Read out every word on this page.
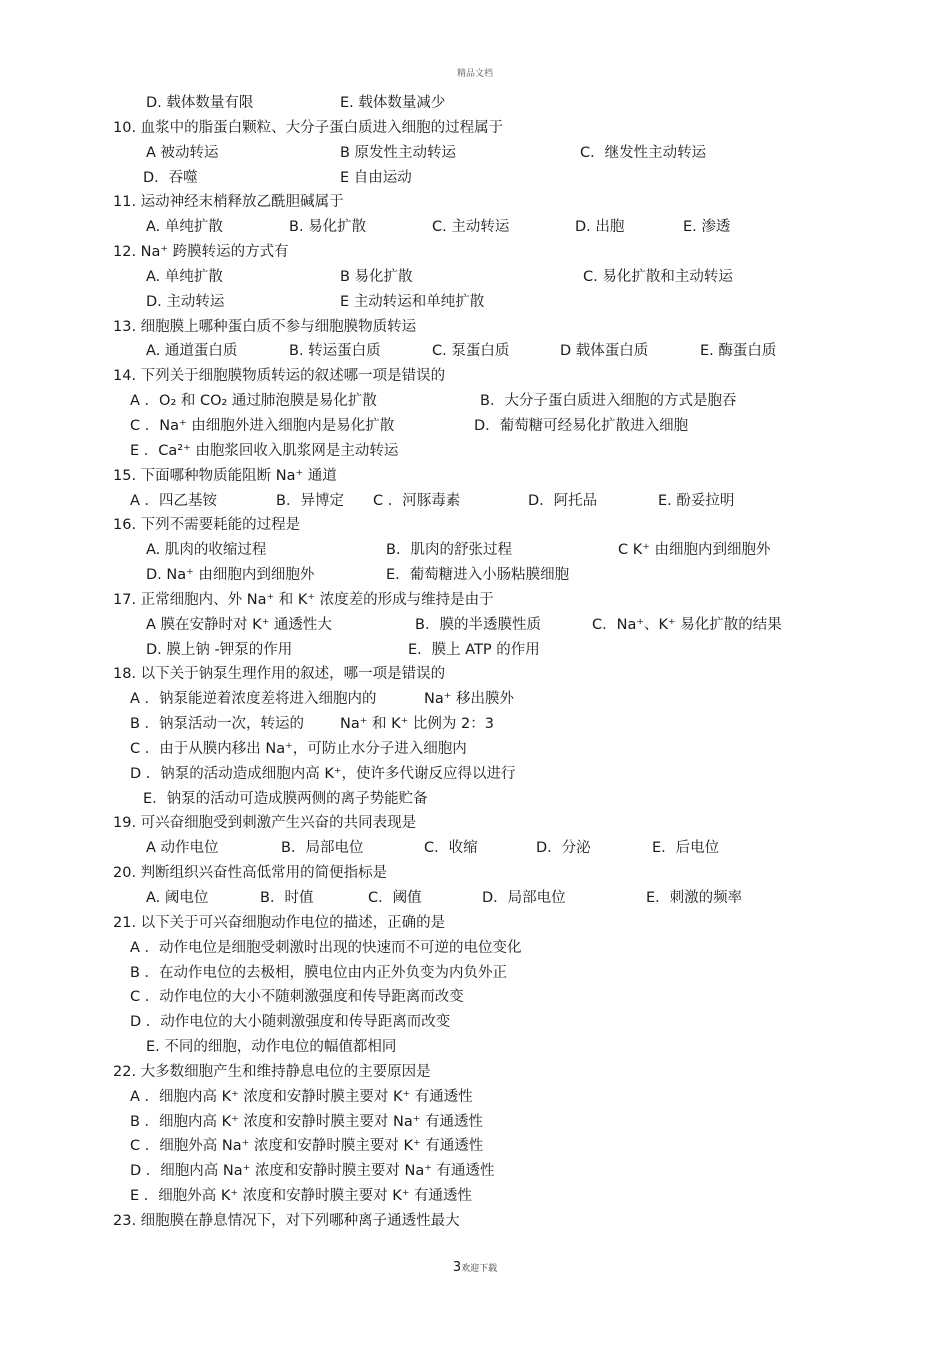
精品文档
D. 载体数量有限	E. 载体数量减少
10. 血浆中的脂蛋白颗粒、大分子蛋白质进入细胞的过程属于
A 被动转运	B 原发性主动转运	C．继发性主动转运
D．吞噬	E 自由运动
11. 运动神经末梢释放乙酰胆碱属于
A. 单纯扩散	B. 易化扩散	C. 主动转运	D. 出胞	E. 渗透
12. Na⁺ 跨膜转运的方式有
A. 单纯扩散	B 易化扩散	C. 易化扩散和主动转运
D. 主动转运	E 主动转运和单纯扩散
13. 细胞膜上哪种蛋白质不参与细胞膜物质转运
A. 通道蛋白质	B. 转运蛋白质	C. 泵蛋白质	D 载体蛋白质	E. 酶蛋白质
14. 下列关于细胞膜物质转运的叙述哪一项是错误的
A ．O₂ 和 CO₂ 通过肺泡膜是易化扩散	B．大分子蛋白质进入细胞的方式是胞吞
C ．Na⁺ 由细胞外进入细胞内是易化扩散	D．葡萄糖可经易化扩散进入细胞
E ．Ca²⁺ 由胞浆回收入肌浆网是主动转运
15. 下面哪种物质能阻断 Na⁺ 通道
A ．四乙基铵	B．异博定 C ．河豚毒素	D．阿托品	E. 酚妥拉明
16. 下列不需要耗能的过程是
A. 肌肉的收缩过程	B．肌肉的舒张过程	C K⁺ 由细胞内到细胞外
D. Na⁺ 由细胞内到细胞外	E．葡萄糖进入小肠粘膜细胞
17. 正常细胞内、外 Na⁺ 和 K⁺ 浓度差的形成与维持是由于
A 膜在安静时对 K⁺ 通透性大	B．膜的半透膜性质	C．Na⁺、K⁺ 易化扩散的结果
D. 膜上钠 -钾泵的作用	E．膜上 ATP 的作用
18. 以下关于钠泵生理作用的叙述，哪一项是错误的
A ．钠泵能逆着浓度差将进入细胞内的	Na⁺ 移出膜外
B ．钠泵活动一次，转运的 Na⁺ 和 K⁺ 比例为 2：3
C ．由于从膜内移出 Na⁺，可防止水分子进入细胞内
D ．钠泵的活动造成细胞内高 K⁺，使许多代谢反应得以进行
E．钠泵的活动可造成膜两侧的离子势能贮备
19. 可兴奋细胞受到刺激产生兴奋的共同表现是
A 动作电位	B．局部电位	C．收缩	D．分泌	E．后电位
20. 判断组织兴奋性高低常用的简便指标是
A. 阈电位	B．时值	C．阈值	D．局部电位	E．刺激的频率
21. 以下关于可兴奋细胞动作电位的描述，正确的是
A ．动作电位是细胞受刺激时出现的快速而不可逆的电位变化
B ．在动作电位的去极相，膜电位由内正外负变为内负外正
C ．动作电位的大小不随刺激强度和传导距离而改变
D ．动作电位的大小随刺激强度和传导距离而改变
E. 不同的细胞，动作电位的幅值都相同
22. 大多数细胞产生和维持静息电位的主要原因是
A ．细胞内高 K⁺ 浓度和安静时膜主要对 K⁺ 有通透性
B ．细胞内高 K⁺ 浓度和安静时膜主要对 Na⁺ 有通透性
C ．细胞外高 Na⁺ 浓度和安静时膜主要对 K⁺ 有通透性
D ．细胞内高 Na⁺ 浓度和安静时膜主要对 Na⁺ 有通透性
E ．细胞外高 K⁺ 浓度和安静时膜主要对 K⁺ 有通透性
23. 细胞膜在静息情况下，对下列哪种离子通透性最大
3欢迎下载
